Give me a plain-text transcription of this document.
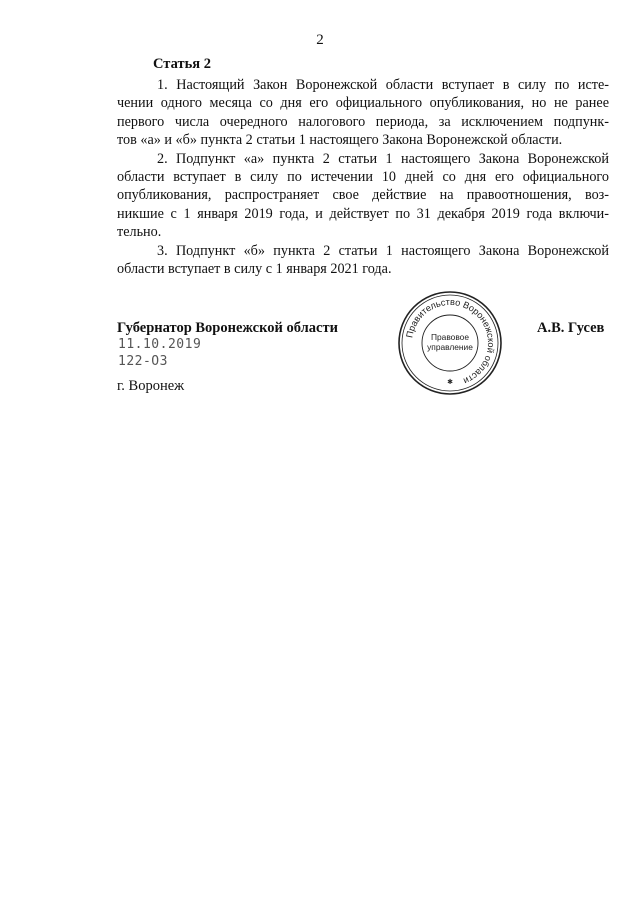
2
Статья 2

1. Настоящий Закон Воронежской области вступает в силу по исте-
чении одного месяца со дня его официального опубликования, но не ранее
первого числа очередного налогового периода, за исключением подпунк-
тов «а» и «б» пункта 2 статьи 1 настоящего Закона Воронежской области.

2. Подпункт «а» пункта 2 статьи 1 настоящего Закона Воронежской
области вступает в силу по истечении 10 дней со дня его официального
опубликования, распространяет свое действие на правоотношения, воз-
никшие с 1 января 2019 года, и действует по 31 декабря 2019 года включи-
тельно.

3. Подпункт «б» пункта 2 статьи 1 настоящего Закона Воронежской
области вступает в силу с 1 января 2021 года.

Губернатор Воронежской области
11.10.2019
122-ОЗ
г. Воронеж
А.В. Гусев
Правительство Воронежской области
Правовое
управление
✱
